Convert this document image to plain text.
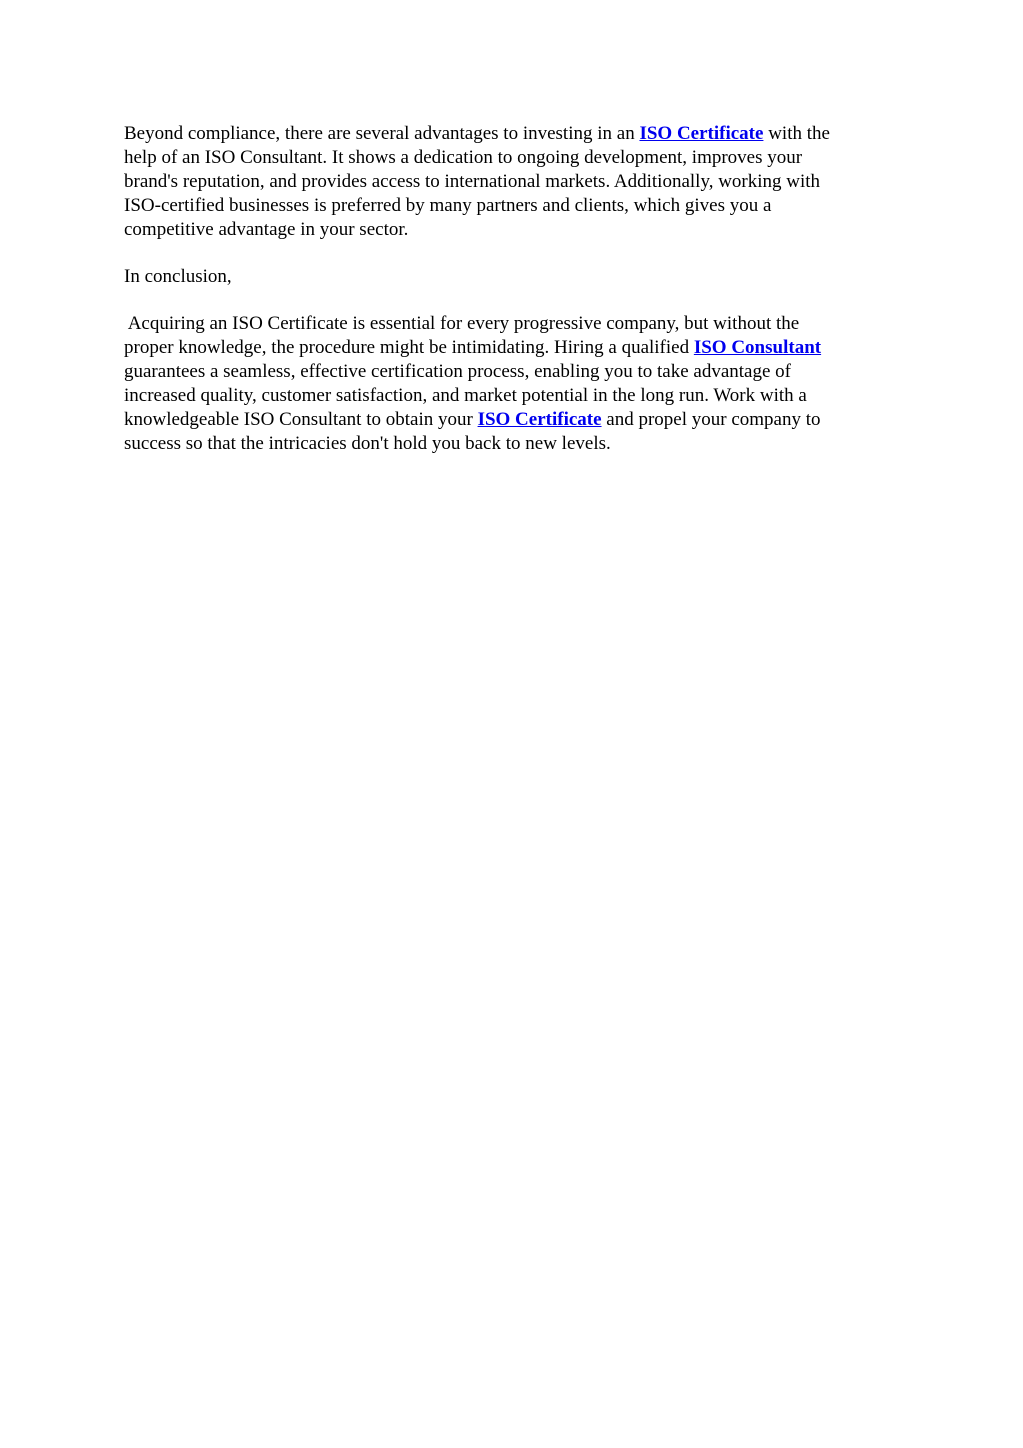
Beyond compliance, there are several advantages to investing in an ISO Certificate with the
help of an ISO Consultant. It shows a dedication to ongoing development, improves your
brand's reputation, and provides access to international markets. Additionally, working with
ISO-certified businesses is preferred by many partners and clients, which gives you a
competitive advantage in your sector.
In conclusion,
Acquiring an ISO Certificate is essential for every progressive company, but without the
proper knowledge, the procedure might be intimidating. Hiring a qualified ISO Consultant
guarantees a seamless, effective certification process, enabling you to take advantage of
increased quality, customer satisfaction, and market potential in the long run. Work with a
knowledgeable ISO Consultant to obtain your ISO Certificate and propel your company to
success so that the intricacies don't hold you back to new levels.
